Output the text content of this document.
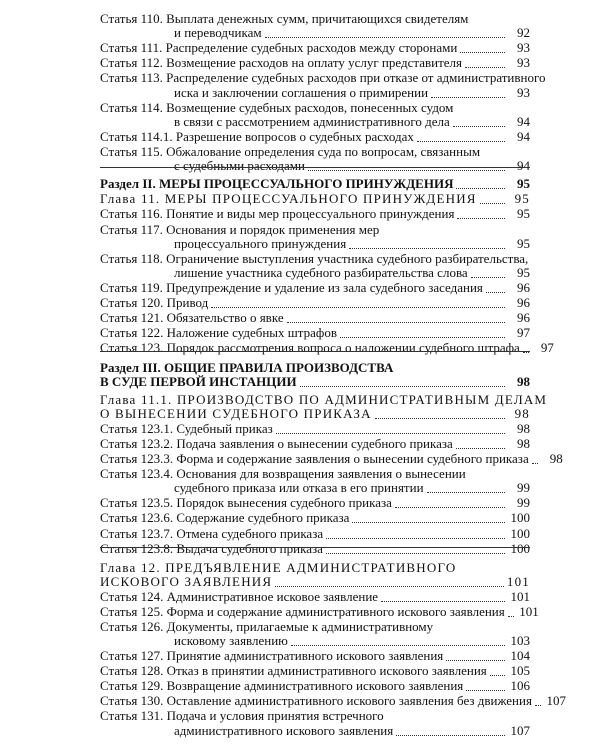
Статья 110. Выплата денежных сумм, причитающихся свидетелям
и переводчикам	92
Статья 111. Распределение судебных расходов между сторонами	93
Статья 112. Возмещение расходов на оплату услуг представителя	93
Статья 113. Распределение судебных расходов при отказе от административного
иска и заключении соглашения о примирении	93
Статья 114. Возмещение судебных расходов, понесенных судом
в связи с рассмотрением административного дела	94
Статья 114.1. Разрешение вопросов о судебных расходах	94
Статья 115. Обжалование определения суда по вопросам, связанным
с судебными расходами	94
Раздел II. МЕРЫ ПРОЦЕССУАЛЬНОГО ПРИНУЖДЕНИЯ	95
Глава 11. МЕРЫ ПРОЦЕССУАЛЬНОГО ПРИНУЖДЕНИЯ	95
Статья 116. Понятие и виды мер процессуального принуждения	95
Статья 117. Основания и порядок применения мер
процессуального принуждения	95
Статья 118. Ограничение выступления участника судебного разбирательства,
лишение участника судебного разбирательства слова	95
Статья 119. Предупреждение и удаление из зала судебного заседания	96
Статья 120. Привод	96
Статья 121. Обязательство о явке	96
Статья 122. Наложение судебных штрафов	97
Статья 123. Порядок рассмотрения вопроса о наложении судебного штрафа	97
Раздел III. ОБЩИЕ ПРАВИЛА ПРОИЗВОДСТВА
В СУДЕ ПЕРВОЙ ИНСТАНЦИИ	98
Глава 11.1. ПРОИЗВОДСТВО ПО АДМИНИСТРАТИВНЫМ ДЕЛАМ
О ВЫНЕСЕНИИ СУДЕБНОГО ПРИКАЗА	98
Статья 123.1. Судебный приказ	98
Статья 123.2. Подача заявления о вынесении судебного приказа	98
Статья 123.3. Форма и содержание заявления о вынесении судебного приказа	98
Статья 123.4. Основания для возвращения заявления о вынесении
судебного приказа или отказа в его принятии	99
Статья 123.5. Порядок вынесения судебного приказа	99
Статья 123.6. Содержание судебного приказа	100
Статья 123.7. Отмена судебного приказа	100
Статья 123.8. Выдача судебного приказа	100
Глава 12. ПРЕДЪЯВЛЕНИЕ АДМИНИСТРАТИВНОГО
ИСКОВОГО ЗАЯВЛЕНИЯ	101
Статья 124. Административное исковое заявление	101
Статья 125. Форма и содержание административного искового заявления 101
Статья 126. Документы, прилагаемые к административному
исковому заявлению	103
Статья 127. Принятие административного искового заявления	104
Статья 128. Отказ в принятии административного искового заявления 105
Статья 129. Возвращение административного искового заявления	106
Статья 130. Оставление административного искового заявления без движения 107
Статья 131. Подача и условия принятия встречного
административного искового заявления	107
